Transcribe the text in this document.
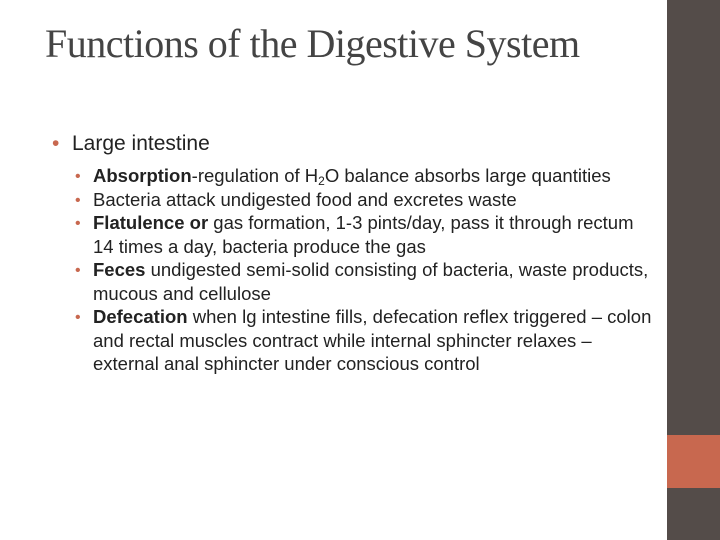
Functions of the Digestive System
• Large intestine
• Absorption-regulation of $H_2O$ balance absorbs large quantities
• Bacteria attack undigested food and excretes waste
• Flatulence or gas formation, 1-3 pints/day, pass it through rectum 14 times a day, bacteria produce the gas
• Feces undigested semi-solid consisting of bacteria, waste products, mucous and cellulose
• Defecation when lg intestine fills, defecation reflex triggered – colon and rectal muscles contract while internal sphincter relaxes – external anal sphincter under conscious control
